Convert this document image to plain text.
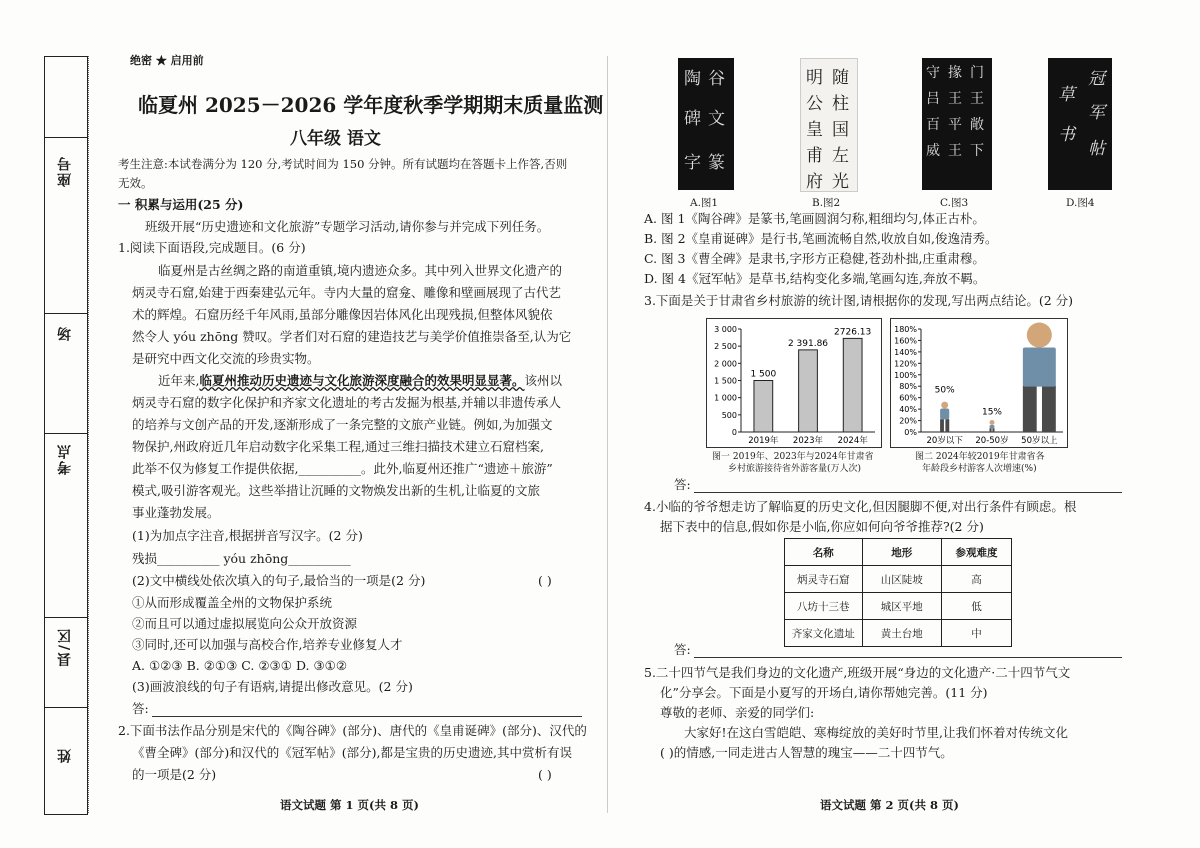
座号
场
考点
县/区
姓
绝密 ★ 启用前
临夏州 2025－2026 学年度秋季学期期末质量监测
八年级 语文
考生注意:本试卷满分为 120 分,考试时间为 150 分钟。所有试题均在答题卡上作答,否则
无效。
一 积累与运用(25 分)
班级开展“历史遗迹和文化旅游”专题学习活动,请你参与并完成下列任务。
1.阅读下面语段,完成题目。(6 分)
临夏州是古丝绸之路的南道重镇,境内遗迹众多。其中列入世界文化遗产的
炳灵寺石窟,始建于西秦建弘元年。寺内大量的窟龛、雕像和壁画展现了古代艺
术的辉煌。石窟历经千年风雨,虽部分雕像因岩体风化出现残损,但整体风貌依
然令人 yóu zhōng 赞叹。学者们对石窟的建造技艺与美学价值推崇备至,认为它
是研究中西文化交流的珍贵实物。
近年来,临夏州推动历史遗迹与文化旅游深度融合的效果明显显著。该州以
炳灵寺石窟的数字化保护和齐家文化遗址的考古发掘为根基,并辅以非遗传承人
的培养与文创产品的开发,逐渐形成了一条完整的文旅产业链。例如,为加强文
物保护,州政府近几年启动数字化采集工程,通过三维扫描技术建立石窟档案,
此举不仅为修复工作提供依据,__________。此外,临夏州还推广“遗迹＋旅游”
模式,吸引游客观光。这些举措让沉睡的文物焕发出新的生机,让临夏的文旅
事业蓬勃发展。
(1)为加点字注音,根据拼音写汉字。(2 分)
残损__________ yóu zhōng__________
(2)文中横线处依次填入的句子,最恰当的一项是(2 分)	( )
①从而形成覆盖全州的文物保护系统
②而且可以通过虚拟展览向公众开放资源
③同时,还可以加强与高校合作,培养专业修复人才
A. ①②③ B. ②①③ C. ②③① D. ③①②
(3)画波浪线的句子有语病,请提出修改意见。(2 分)
答:
2.下面书法作品分别是宋代的《陶谷碑》(部分)、唐代的《皇甫诞碑》(部分)、汉代的
《曹全碑》(部分)和汉代的《冠军帖》(部分),都是宝贵的历史遗迹,其中赏析有误
的一项是(2 分)	( )
语文试题 第 1 页(共 8 页)
陶 谷
碑 文
字 篆
随
柱
国
左
光
明
公
皇
甫
府
门
王
敞
下
掾
王
平
王
守
吕
百
威
冠
军
帖
草
书
A.图1	B.图2	C.图3	D.图4
A. 图 1《陶谷碑》是篆书,笔画圆润匀称,粗细均匀,体正古朴。
B. 图 2《皇甫诞碑》是行书,笔画流畅自然,收放自如,俊逸清秀。
C. 图 3《曹全碑》是隶书,字形方正稳健,苍劲朴拙,庄重肃穆。
D. 图 4《冠军帖》是草书,结构变化多端,笔画勾连,奔放不羁。
3.下面是关于甘肃省乡村旅游的统计图,请根据你的发现,写出两点结论。(2 分)
3 000
2 500
2 000
1 500
1 000
500
0
1 500
2019年
2 391.86
2023年
2726.13
2024年
图一 2019年、2023年与2024年甘肃省
乡村旅游接待省外游客量(万人次)
180%
160%
140%
120%
100%
80%
60%
40%
20%
0%
50%
20岁以下
15%
20-50岁 50岁以上
图二 2024年较2019年甘肃省各
年龄段乡村游客人次增速(%)
答:
4.小临的爷爷想走访了解临夏的历史文化,但因腿脚不便,对出行条件有顾虑。根
据下表中的信息,假如你是小临,你应如何向爷爷推荐?(2 分)
名称	地形	参观难度
炳灵寺石窟	山区陡坡	高
八坊十三巷	城区平地	低
齐家文化遗址	黄土台地	中
答:
5.二十四节气是我们身边的文化遗产,班级开展“身边的文化遗产·二十四节气文
化”分享会。下面是小夏写的开场白,请你帮她完善。(11 分)
尊敬的老师、亲爱的同学们:
大家好!在这白雪皑皑、寒梅绽放的美好时节里,让我们怀着对传统文化
( )的情感,一同走进古人智慧的瑰宝——二十四节气。
语文试题 第 2 页(共 8 页)
